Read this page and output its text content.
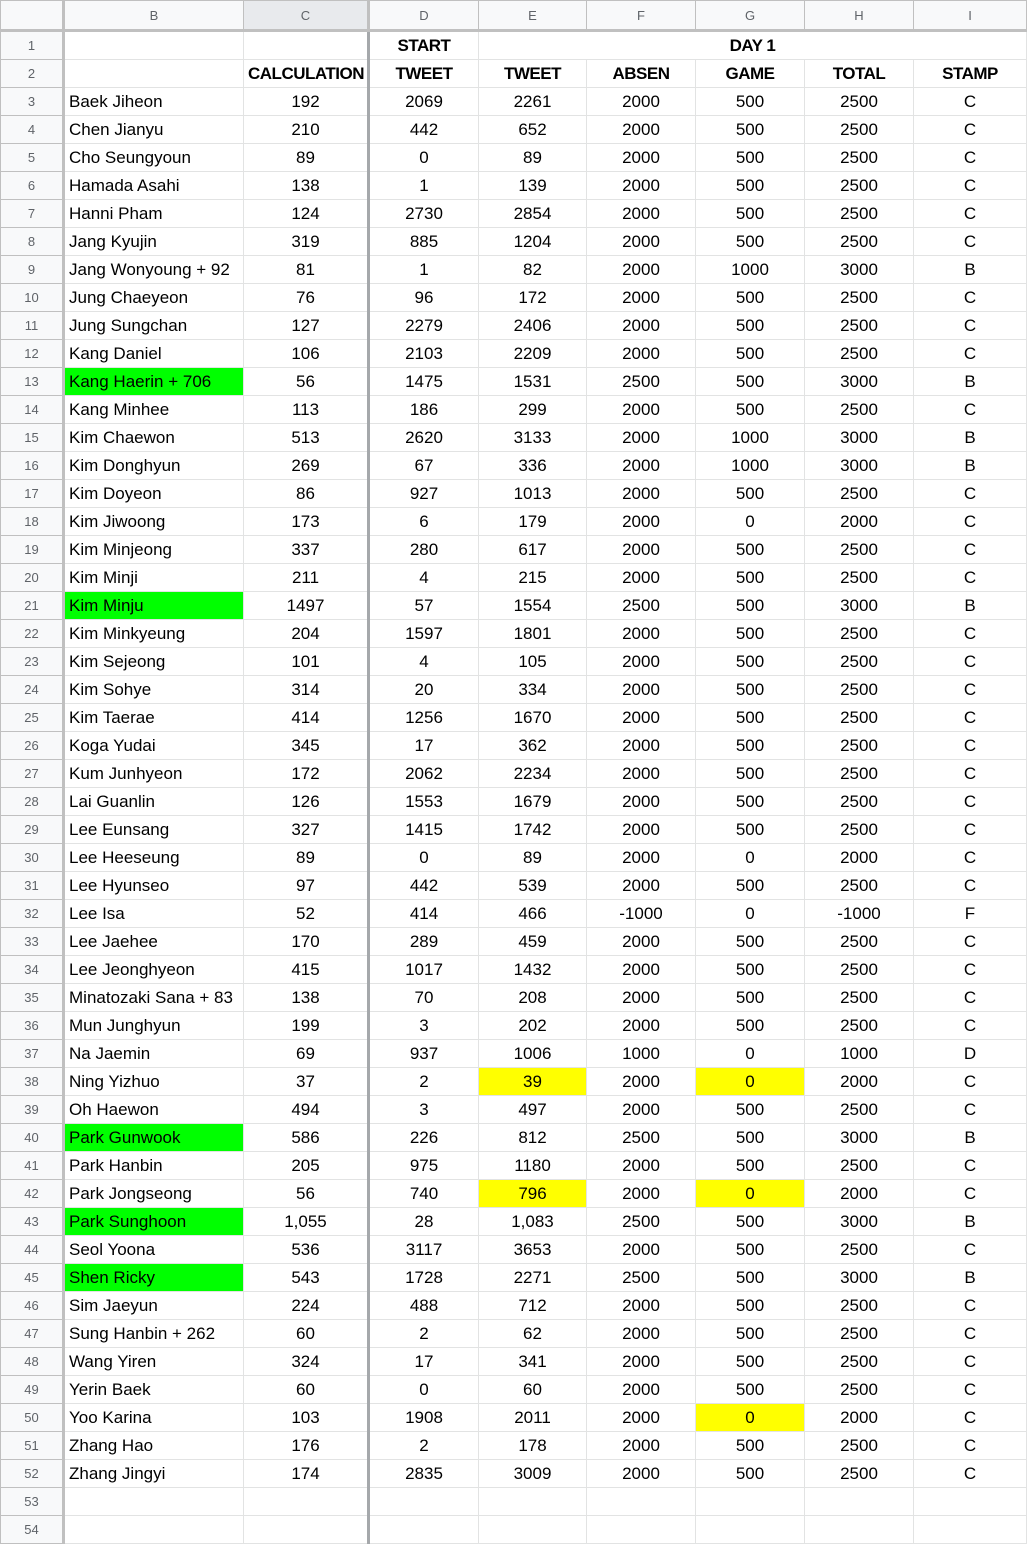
	B	C	D	E	F	G	H	I
1			START	DAY 1				
2		CALCULATION	TWEET	TWEET	ABSEN	GAME	TOTAL	STAMP
3	Baek Jiheon	192	2069	2261	2000	500	2500	C
4	Chen Jianyu	210	442	652	2000	500	2500	C
5	Cho Seungyoun	89	0	89	2000	500	2500	C
6	Hamada Asahi	138	1	139	2000	500	2500	C
7	Hanni Pham	124	2730	2854	2000	500	2500	C
8	Jang Kyujin	319	885	1204	2000	500	2500	C
9	Jang Wonyoung + 92	81	1	82	2000	1000	3000	B
10	Jung Chaeyeon	76	96	172	2000	500	2500	C
11	Jung Sungchan	127	2279	2406	2000	500	2500	C
12	Kang Daniel	106	2103	2209	2000	500	2500	C
13	Kang Haerin + 706	56	1475	1531	2500	500	3000	B
14	Kang Minhee	113	186	299	2000	500	2500	C
15	Kim Chaewon	513	2620	3133	2000	1000	3000	B
16	Kim Donghyun	269	67	336	2000	1000	3000	B
17	Kim Doyeon	86	927	1013	2000	500	2500	C
18	Kim Jiwoong	173	6	179	2000	0	2000	C
19	Kim Minjeong	337	280	617	2000	500	2500	C
20	Kim Minji	211	4	215	2000	500	2500	C
21	Kim Minju	1497	57	1554	2500	500	3000	B
22	Kim Minkyeung	204	1597	1801	2000	500	2500	C
23	Kim Sejeong	101	4	105	2000	500	2500	C
24	Kim Sohye	314	20	334	2000	500	2500	C
25	Kim Taerae	414	1256	1670	2000	500	2500	C
26	Koga Yudai	345	17	362	2000	500	2500	C
27	Kum Junhyeon	172	2062	2234	2000	500	2500	C
28	Lai Guanlin	126	1553	1679	2000	500	2500	C
29	Lee Eunsang	327	1415	1742	2000	500	2500	C
30	Lee Heeseung	89	0	89	2000	0	2000	C
31	Lee Hyunseo	97	442	539	2000	500	2500	C
32	Lee Isa	52	414	466	-1000	0	-1000	F
33	Lee Jaehee	170	289	459	2000	500	2500	C
34	Lee Jeonghyeon	415	1017	1432	2000	500	2500	C
35	Minatozaki Sana + 83	138	70	208	2000	500	2500	C
36	Mun Junghyun	199	3	202	2000	500	2500	C
37	Na Jaemin	69	937	1006	1000	0	1000	D
38	Ning Yizhuo	37	2	39	2000	0	2000	C
39	Oh Haewon	494	3	497	2000	500	2500	C
40	Park Gunwook	586	226	812	2500	500	3000	B
41	Park Hanbin	205	975	1180	2000	500	2500	C
42	Park Jongseong	56	740	796	2000	0	2000	C
43	Park Sunghoon	1,055	28	1,083	2500	500	3000	B
44	Seol Yoona	536	3117	3653	2000	500	2500	C
45	Shen Ricky	543	1728	2271	2500	500	3000	B
46	Sim Jaeyun	224	488	712	2000	500	2500	C
47	Sung Hanbin + 262	60	2	62	2000	500	2500	C
48	Wang Yiren	324	17	341	2000	500	2500	C
49	Yerin Baek	60	0	60	2000	500	2500	C
50	Yoo Karina	103	1908	2011	2000	0	2000	C
51	Zhang Hao	176	2	178	2000	500	2500	C
52	Zhang Jingyi	174	2835	3009	2000	500	2500	C
53								
54								
